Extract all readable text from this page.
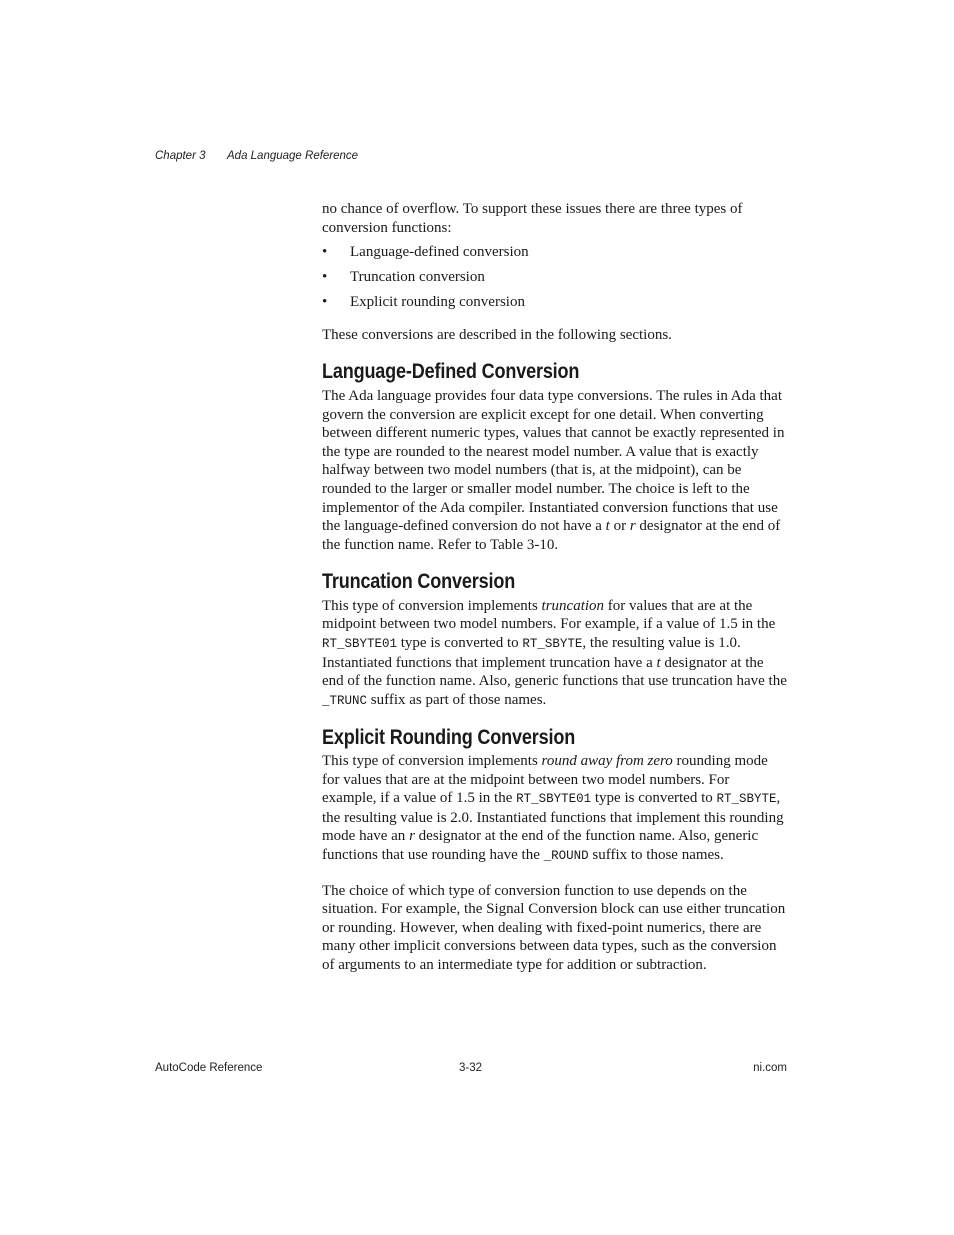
Chapter 3 Ada Language Reference

no chance of overflow. To support these issues there are three types of conversion functions:

• Language-defined conversion
• Truncation conversion
• Explicit rounding conversion

These conversions are described in the following sections.

Language-Defined Conversion

The Ada language provides four data type conversions. The rules in Ada that govern the conversion are explicit except for one detail. When converting between different numeric types, values that cannot be exactly represented in the type are rounded to the nearest model number. A value that is exactly halfway between two model numbers (that is, at the midpoint), can be rounded to the larger or smaller model number. The choice is left to the implementor of the Ada compiler. Instantiated conversion functions that use the language-defined conversion do not have a t or r designator at the end of the function name. Refer to Table 3-10.

Truncation Conversion

This type of conversion implements truncation for values that are at the midpoint between two model numbers. For example, if a value of 1.5 in the RT_SBYTE01 type is converted to RT_SBYTE, the resulting value is 1.0. Instantiated functions that implement truncation have a t designator at the end of the function name. Also, generic functions that use truncation have the _TRUNC suffix as part of those names.

Explicit Rounding Conversion

This type of conversion implements round away from zero rounding mode for values that are at the midpoint between two model numbers. For example, if a value of 1.5 in the RT_SBYTE01 type is converted to RT_SBYTE, the resulting value is 2.0. Instantiated functions that implement this rounding mode have an r designator at the end of the function name. Also, generic functions that use rounding have the _ROUND suffix to those names.

The choice of which type of conversion function to use depends on the situation. For example, the Signal Conversion block can use either truncation or rounding. However, when dealing with fixed-point numerics, there are many other implicit conversions between data types, such as the conversion of arguments to an intermediate type for addition or subtraction.

AutoCode Reference	3-32	ni.com
